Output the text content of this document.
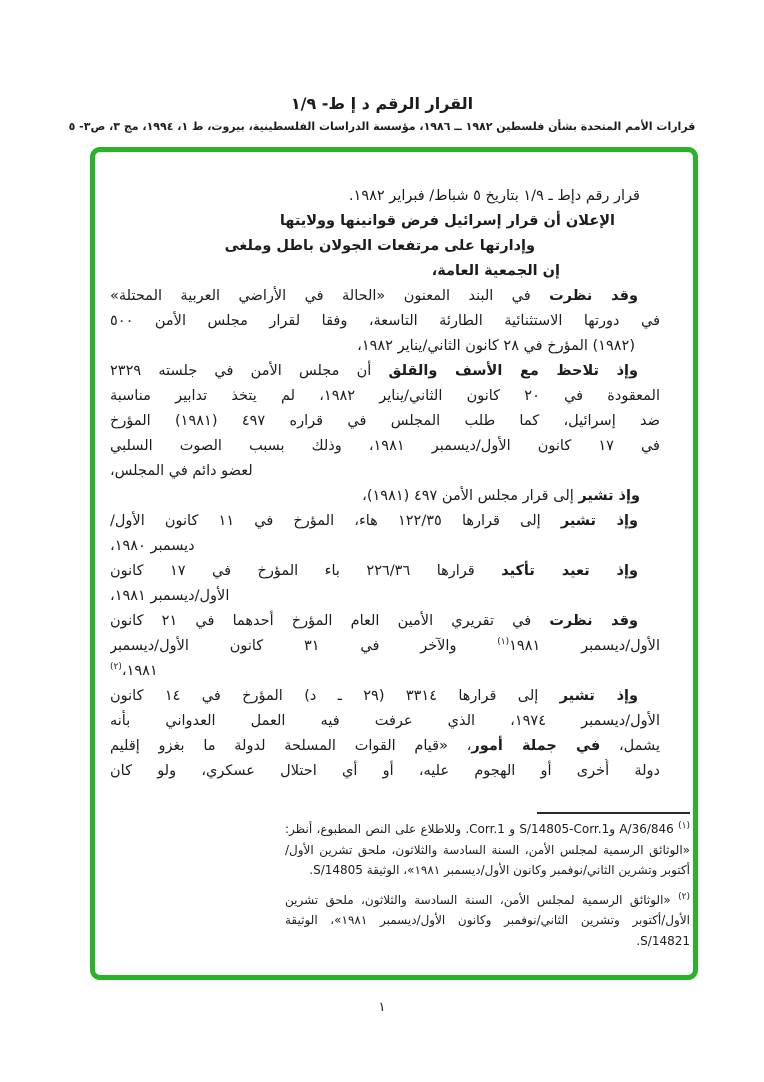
القرار الرقم د إ ط- ١/٩
قرارات الأمم المتحدة بشأن فلسطين ١٩٨٢ ــ ١٩٨٦، مؤسسة الدراسات الفلسطينية، بيروت، ط ١، ١٩٩٤، مج ٣، ص٣- ٥
قرار رقم دإط ـ ١/٩ بتاريخ ٥ شباط/ فبراير ١٩٨٢.
الإعلان أن قرار إسرائيل فرض قوانينها وولايتها
وإدارتها على مرتفعات الجولان باطل وملغى
إن الجمعية العامة،
وقد نظرت في البند المعنون «الحالة في الأراضي العربية المحتلة»
في دورتها الاستثنائية الطارئة التاسعة، وفقا لقرار مجلس الأمن ٥٠٠
(١٩٨٢) المؤرخ في ٢٨ كانون الثاني/يناير ١٩٨٢،
وإذ تلاحظ مع الأسف والقلق أن مجلس الأمن في جلسته ٢٣٢٩
المعقودة في ٢٠ كانون الثاني/يناير ١٩٨٢، لم يتخذ تدابير مناسبة
ضد إسرائيل، كما طلب المجلس في قراره ٤٩٧ (١٩٨١) المؤرخ
في ١٧ كانون الأول/ديسمبر ١٩٨١، وذلك بسبب الصوت السلبي
لعضو دائم في المجلس،
وإذ تشير إلى قرار مجلس الأمن ٤٩٧ (١٩٨١)،
وإذ تشير إلى قرارها ١٢٢/٣٥ هاء، المؤرخ في ١١ كانون الأول/
ديسمبر ١٩٨٠،
وإذ تعيد تأكيد قرارها ٢٢٦/٣٦ باء المؤرخ في ١٧ كانون
الأول/ديسمبر ١٩٨١،
وقد نظرت في تقريري الأمين العام المؤرخ أحدهما في ٢١ كانون
الأول/ديسمبر ١٩٨١$^{(١)}$ والآخر في ٣١ كانون الأول/ديسمبر
١٩٨١،$^{(٢)}$
وإذ تشير إلى قرارها ٣٣١٤ (٢٩ ـ د) المؤرخ في ١٤ كانون
الأول/ديسمبر ١٩٧٤، الذي عرفت فيه العمل العدواني بأنه
يشمل، في جملة أمور، «قيام القوات المسلحة لدولة ما بغزو إقليم
دولة أُخرى أو الهجوم عليه، أو أي احتلال عسكري، ولو كان
$^{(١)}$ A/36/846 وS/14805-Corr.1 و Corr.1. وللاطلاع على النص المطبوع، أنظر: «الوثائق الرسمية لمجلس الأمن، السنة السادسة والثلاثون، ملحق تشرين الأول/أكتوبر وتشرين الثاني/نوفمبر وكانون الأول/ديسمبر ١٩٨١»، الوثيقة S/14805.
$^{(٢)}$ «الوثائق الرسمية لمجلس الأمن، السنة السادسة والثلاثون، ملحق تشرين الأول/أكتوبر وتشرين الثاني/نوفمبر وكانون الأول/ديسمبر ١٩٨١»، الوثيقة S/14821.
١
